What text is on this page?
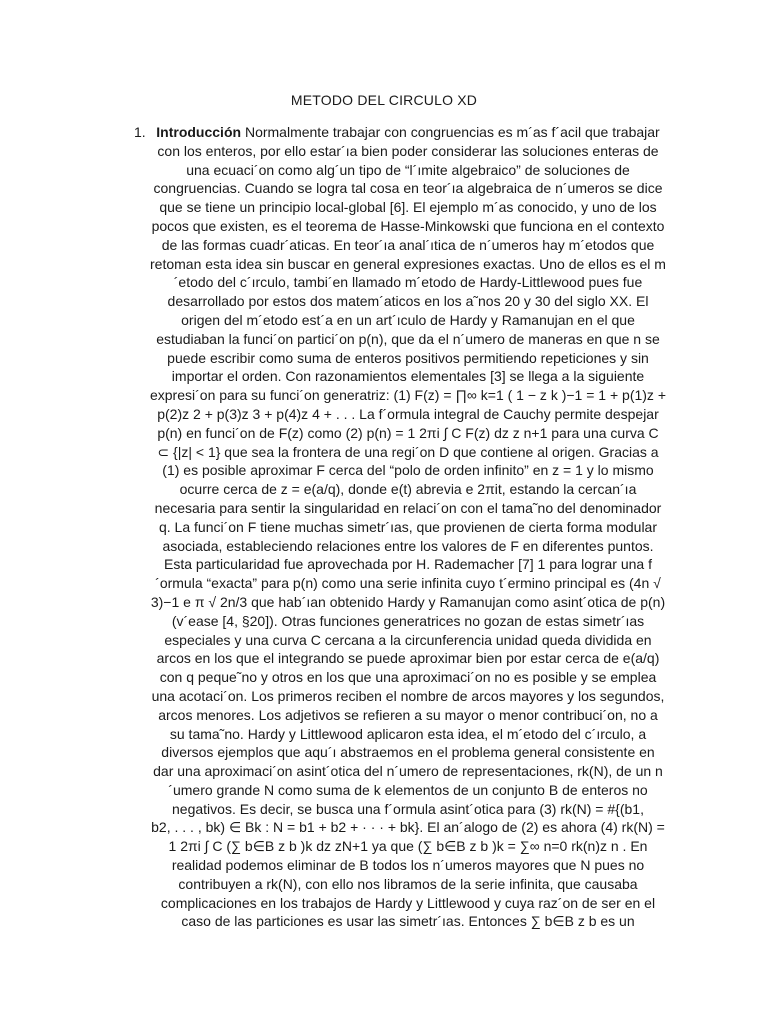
METODO DEL CIRCULO XD
1. Introducción Normalmente trabajar con congruencias es m´as f´acil que trabajar
con los enteros, por ello estar´ıa bien poder considerar las soluciones enteras de
una ecuaci´on como alg´un tipo de “l´ımite algebraico” de soluciones de
congruencias. Cuando se logra tal cosa en teor´ıa algebraica de n´umeros se dice
que se tiene un principio local-global [6]. El ejemplo m´as conocido, y uno de los
pocos que existen, es el teorema de Hasse-Minkowski que funciona en el contexto
de las formas cuadr´aticas. En teor´ıa anal´ıtica de n´umeros hay m´etodos que
retoman esta idea sin buscar en general expresiones exactas. Uno de ellos es el m
´etodo del c´ırculo, tambi´en llamado m´etodo de Hardy-Littlewood pues fue
desarrollado por estos dos matem´aticos en los a˜nos 20 y 30 del siglo XX. El
origen del m´etodo est´a en un art´ıculo de Hardy y Ramanujan en el que
estudiaban la funci´on partici´on p(n), que da el n´umero de maneras en que n se
puede escribir como suma de enteros positivos permitiendo repeticiones y sin
importar el orden. Con razonamientos elementales [3] se llega a la siguiente
expresi´on para su funci´on generatriz: (1) F(z) = ∏∞ k=1 ( 1 − z k )−1 = 1 + p(1)z +
p(2)z 2 + p(3)z 3 + p(4)z 4 + . . . La f´ormula integral de Cauchy permite despejar
p(n) en funci´on de F(z) como (2) p(n) = 1 2πi ∫ C F(z) dz z n+1 para una curva C
⊂ {|z| < 1} que sea la frontera de una regi´on D que contiene al origen. Gracias a
(1) es posible aproximar F cerca del “polo de orden infinito” en z = 1 y lo mismo
ocurre cerca de z = e(a/q), donde e(t) abrevia e 2πit, estando la cercan´ıa
necesaria para sentir la singularidad en relaci´on con el tama˜no del denominador
q. La funci´on F tiene muchas simetr´ıas, que provienen de cierta forma modular
asociada, estableciendo relaciones entre los valores de F en diferentes puntos.
Esta particularidad fue aprovechada por H. Rademacher [7] 1 para lograr una f
´ormula “exacta” para p(n) como una serie infinita cuyo t´ermino principal es (4n √
3)−1 e π √ 2n/3 que hab´ıan obtenido Hardy y Ramanujan como asint´otica de p(n)
(v´ease [4, §20]). Otras funciones generatrices no gozan de estas simetr´ıas
especiales y una curva C cercana a la circunferencia unidad queda dividida en
arcos en los que el integrando se puede aproximar bien por estar cerca de e(a/q)
con q peque˜no y otros en los que una aproximaci´on no es posible y se emplea
una acotaci´on. Los primeros reciben el nombre de arcos mayores y los segundos,
arcos menores. Los adjetivos se refieren a su mayor o menor contribuci´on, no a
su tama˜no. Hardy y Littlewood aplicaron esta idea, el m´etodo del c´ırculo, a
diversos ejemplos que aqu´ı abstraemos en el problema general consistente en
dar una aproximaci´on asint´otica del n´umero de representaciones, rk(N), de un n
´umero grande N como suma de k elementos de un conjunto B de enteros no
negativos. Es decir, se busca una f´ormula asint´otica para (3) rk(N) = #{(b1,
b2, . . . , bk) ∈ Bk : N = b1 + b2 + · · · + bk}. El an´alogo de (2) es ahora (4) rk(N) =
1 2πi ∫ C (∑ b∈B z b )k dz zN+1 ya que (∑ b∈B z b )k = ∑∞ n=0 rk(n)z n . En
realidad podemos eliminar de B todos los n´umeros mayores que N pues no
contribuyen a rk(N), con ello nos libramos de la serie infinita, que causaba
complicaciones en los trabajos de Hardy y Littlewood y cuya raz´on de ser en el
caso de las particiones es usar las simetr´ıas. Entonces ∑ b∈B z b es un
